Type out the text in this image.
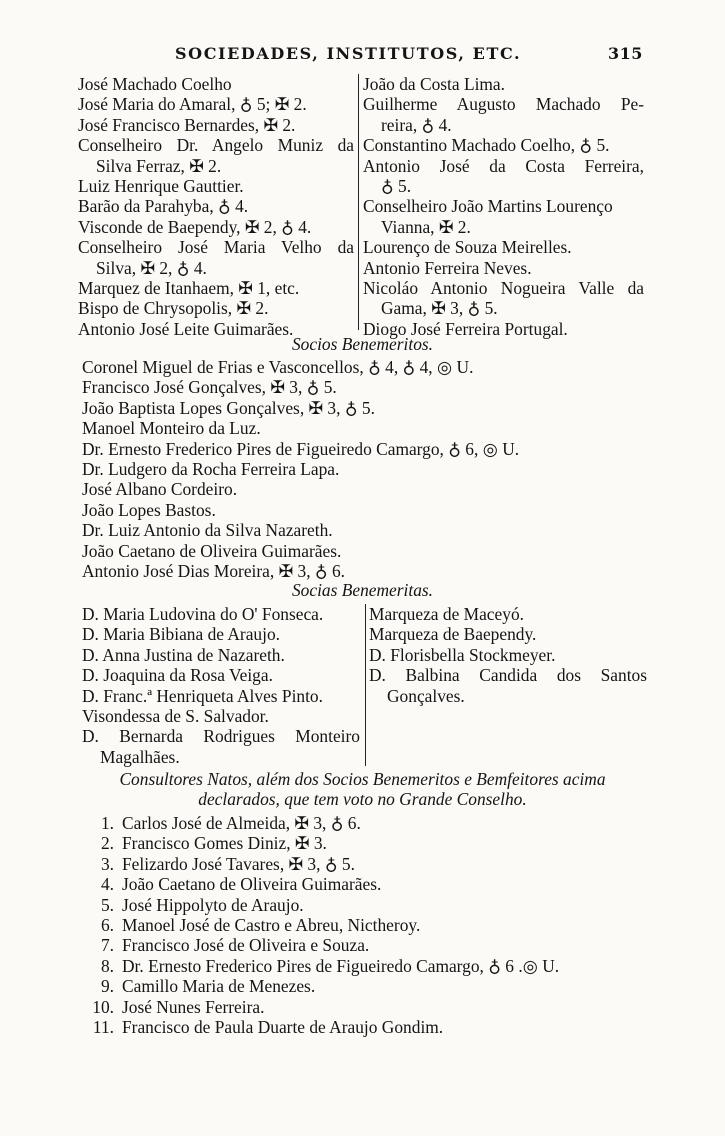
SOCIEDADES, INSTITUTOS, ETC.	315
José Machado Coelho
José Maria do Amaral, ♁ 5; ✠ 2.
José Francisco Bernardes, ✠ 2.
Conselheiro Dr. Angelo Muniz da
Silva Ferraz, ✠ 2.
Luiz Henrique Gauttier.
Barão da Parahyba, ♁ 4.
Visconde de Baependy, ✠ 2, ♁ 4.
Conselheiro José Maria Velho da
Silva, ✠ 2, ♁ 4.
Marquez de Itanhaem, ✠ 1, etc.
Bispo de Chrysopolis, ✠ 2.
Antonio José Leite Guimarães.
João da Costa Lima.
Guilherme Augusto Machado Pe-
reira, ♁ 4.
Constantino Machado Coelho, ♁ 5.
Antonio José da Costa Ferreira,
♁ 5.
Conselheiro João Martins Lourenço
Vianna, ✠ 2.
Lourenço de Souza Meirelles.
Antonio Ferreira Neves.
Nicoláo Antonio Nogueira Valle da
Gama, ✠ 3, ♁ 5.
Diogo José Ferreira Portugal.
Socios Benemeritos.
Coronel Miguel de Frias e Vasconcellos, ♁ 4, ♁ 4, ◎ U.
Francisco José Gonçalves, ✠ 3, ♁ 5.
João Baptista Lopes Gonçalves, ✠ 3, ♁ 5.
Manoel Monteiro da Luz.
Dr. Ernesto Frederico Pires de Figueiredo Camargo, ♁ 6, ◎ U.
Dr. Ludgero da Rocha Ferreira Lapa.
José Albano Cordeiro.
João Lopes Bastos.
Dr. Luiz Antonio da Silva Nazareth.
João Caetano de Oliveira Guimarães.
Antonio José Dias Moreira, ✠ 3, ♁ 6.
Socias Benemeritas.
D. Maria Ludovina do O' Fonseca.
D. Maria Bibiana de Araujo.
D. Anna Justina de Nazareth.
D. Joaquina da Rosa Veiga.
D. Franc.ª Henriqueta Alves Pinto.
Visondessa de S. Salvador.
D. Bernarda Rodrigues Monteiro
Magalhães.
Marqueza de Maceyó.
Marqueza de Baependy.
D. Florisbella Stockmeyer.
D. Balbina Candida dos Santos
Gonçalves.
Consultores Natos, além dos Socios Benemeritos e Bemfeitores acima
declarados, que tem voto no Grande Conselho.
1. Carlos José de Almeida, ✠ 3, ♁ 6.
2. Francisco Gomes Diniz, ✠ 3.
3. Felizardo José Tavares, ✠ 3, ♁ 5.
4. João Caetano de Oliveira Guimarães.
5. José Hippolyto de Araujo.
6. Manoel José de Castro e Abreu, Nictheroy.
7. Francisco José de Oliveira e Souza.
8. Dr. Ernesto Frederico Pires de Figueiredo Camargo, ♁ 6 .◎ U.
9. Camillo Maria de Menezes.
10. José Nunes Ferreira.
11. Francisco de Paula Duarte de Araujo Gondim.
